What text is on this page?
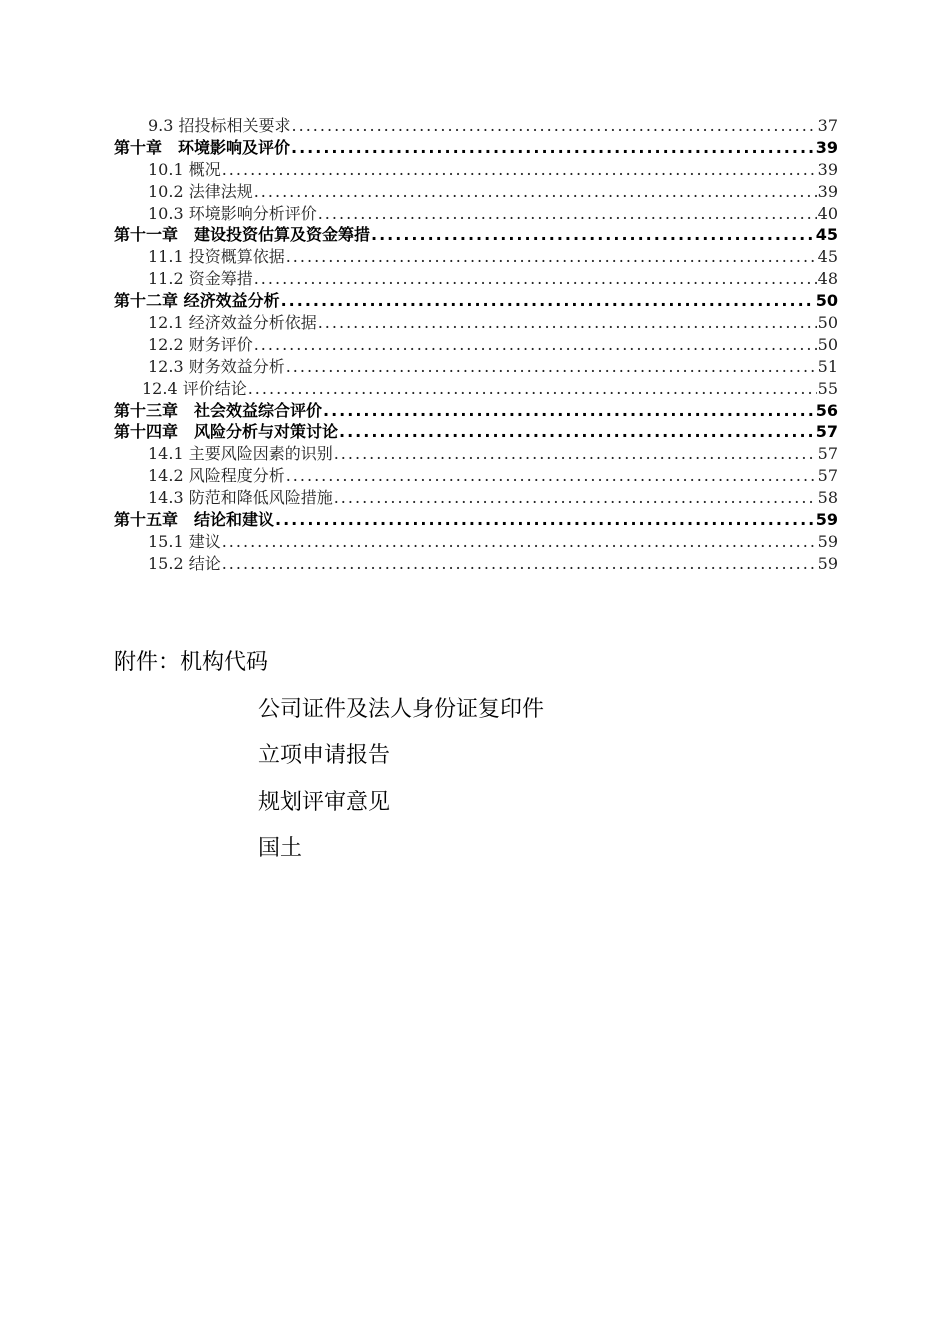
9.3 招投标相关要求 .....	37
第十章　环境影响及评价 .....	39
10.1 概况 .....	39
10.2 法律法规 .....	39
10.3 环境影响分析评价 .....	40
第十一章　建设投资估算及资金筹措 .....	45
11.1 投资概算依据 .....	45
11.2 资金筹措 .....	48
第十二章 经济效益分析 .....	50
12.1 经济效益分析依据 .....	50
12.2 财务评价 .....	50
12.3 财务效益分析 .....	51
12.4 评价结论 .....	55
第十三章　社会效益综合评价 .....	56
第十四章　风险分析与对策讨论 .....	57
14.1 主要风险因素的识别 .....	57
14.2 风险程度分析 .....	57
14.3 防范和降低风险措施 .....	58
第十五章　结论和建议 .....	59
15.1 建议 .....	59
15.2 结论 .....	59
附件：机构代码
公司证件及法人身份证复印件
立项申请报告
规划评审意见
国土
